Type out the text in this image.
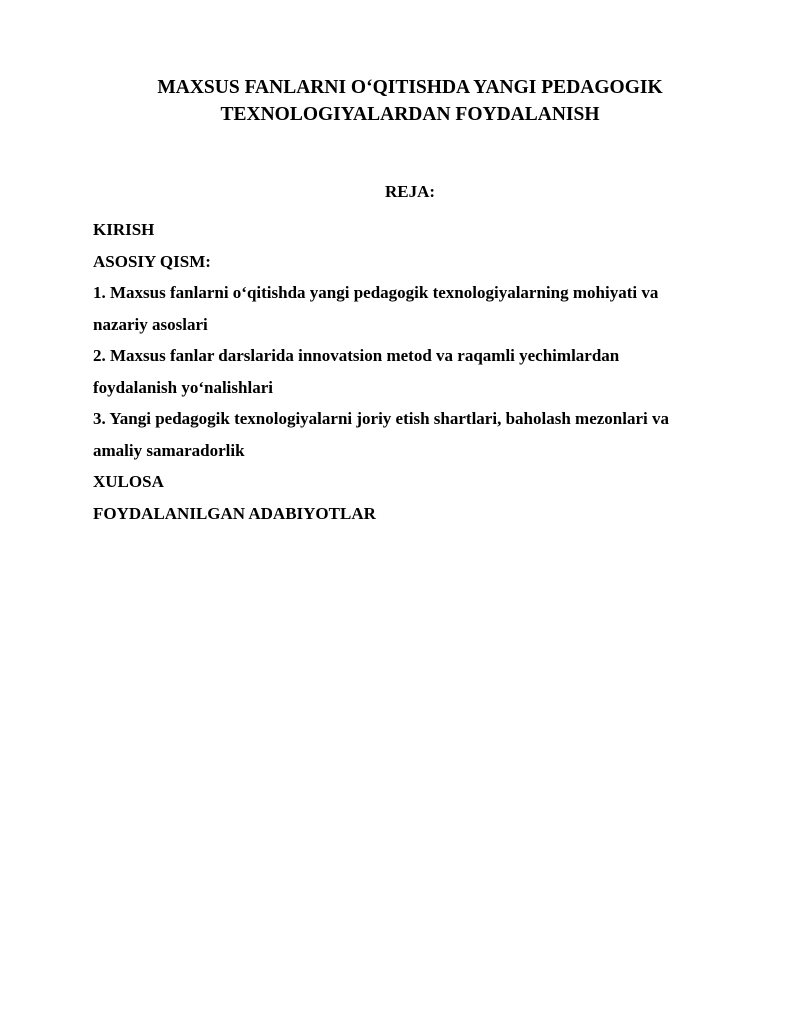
MAXSUS FANLARNI O‘QITISHDA YANGI PEDAGOGIK
TEXNOLOGIYALARDAN FOYDALANISH
REJA:
KIRISH
ASOSIY QISM:
1. Maxsus fanlarni o‘qitishda yangi pedagogik texnologiyalarning mohiyati va
nazariy asoslari
2. Maxsus fanlar darslarida innovatsion metod va raqamli yechimlardan
foydalanish yo‘nalishlari
3. Yangi pedagogik texnologiyalarni joriy etish shartlari, baholash mezonlari va
amaliy samaradorlik
XULOSA
FOYDALANILGAN ADABIYOTLAR
